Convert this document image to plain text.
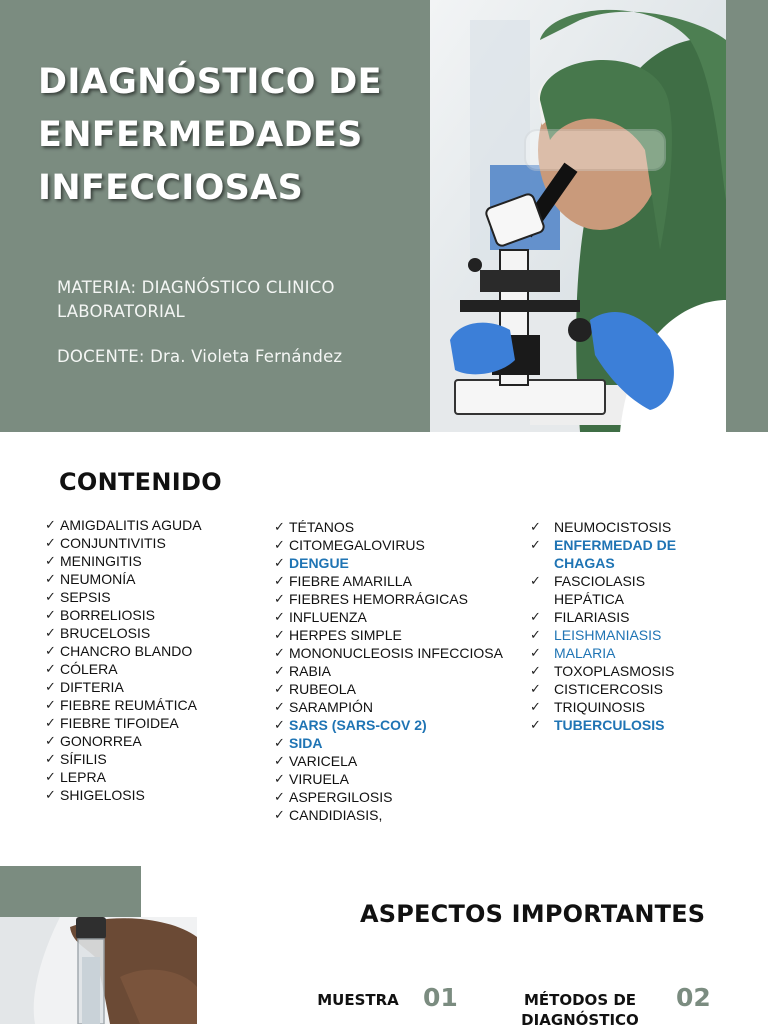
DIAGNÓSTICO DE
ENFERMEDADES
INFECCIOSAS
MATERIA: DIAGNÓSTICO CLINICO LABORATORIAL
DOCENTE: Dra. Violeta Fernández
CONTENIDO
✓ AMIGDALITIS AGUDA
✓ CONJUNTIVITIS
✓ MENINGITIS
✓ NEUMONÍA
✓ SEPSIS
✓ BORRELIOSIS
✓ BRUCELOSIS
✓ CHANCRO BLANDO
✓ CÓLERA
✓ DIFTERIA
✓ FIEBRE REUMÁTICA
✓ FIEBRE TIFOIDEA
✓ GONORREA
✓ SÍFILIS
✓ LEPRA
✓ SHIGELOSIS
✓ TÉTANOS
✓ CITOMEGALOVIRUS
✓ DENGUE
✓ FIEBRE AMARILLA
✓ FIEBRES HEMORRÁGICAS
✓ INFLUENZA
✓ HERPES SIMPLE
✓ MONONUCLEOSIS INFECCIOSA
✓ RABIA
✓ RUBEOLA
✓ SARAMPIÓN
✓ SARS (SARS-COV 2)
✓ SIDA
✓ VARICELA
✓ VIRUELA
✓ ASPERGILOSIS
✓ CANDIDIASIS,
✓ NEUMOCISTOSIS
✓ ENFERMEDAD DE CHAGAS
✓ FASCIOLASIS HEPÁTICA
✓ FILARIASIS
✓ LEISHMANIASIS
✓ MALARIA
✓ TOXOPLASMOSIS
✓ CISTICERCOSIS
✓ TRIQUINOSIS
✓ TUBERCULOSIS
ASPECTOS IMPORTANTES
MUESTRA 01	MÉTODOS DE DIAGNÓSTICO
02
